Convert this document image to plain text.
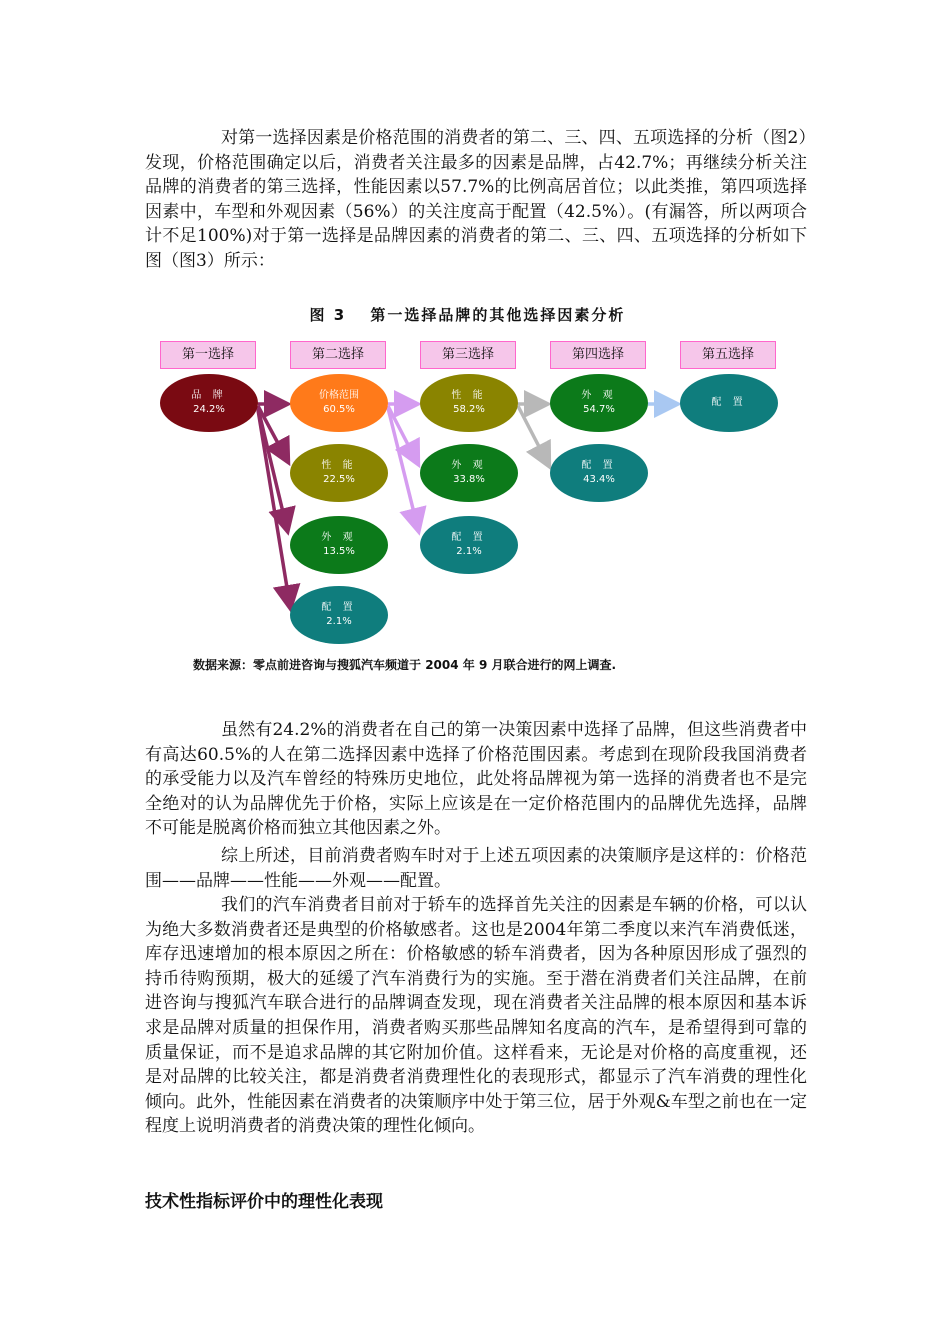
对第一选择因素是价格范围的消费者的第二、三、四、五项选择的分析（图2）发现，价格范围确定以后，消费者关注最多的因素是品牌，占42.7%；再继续分析关注品牌的消费者的第三选择，性能因素以57.7%的比例高居首位；以此类推，第四项选择因素中，车型和外观因素（56%）的关注度高于配置（42.5%）。(有漏答，所以两项合计不足100%)对于第一选择是品牌因素的消费者的第二、三、四、五项选择的分析如下图（图3）所示：

图 3　 第一选择品牌的其他选择因素分析
第一选择	第二选择	第三选择	第四选择	第五选择
品 牌
24.2%
价格范围
60.5%
性 能
22.5%
外 观
13.5%
配 置
2.1%
性 能
58.2%
外 观
33.8%
配 置
2.1%
外 观
54.7%
配 置
43.4%
配 置
数据来源：零点前进咨询与搜狐汽车频道于 2004 年 9 月联合进行的网上调查.

虽然有24.2%的消费者在自己的第一决策因素中选择了品牌，但这些消费者中有高达60.5%的人在第二选择因素中选择了价格范围因素。考虑到在现阶段我国消费者的承受能力以及汽车曾经的特殊历史地位，此处将品牌视为第一选择的消费者也不是完全绝对的认为品牌优先于价格，实际上应该是在一定价格范围内的品牌优先选择，品牌不可能是脱离价格而独立其他因素之外。

综上所述，目前消费者购车时对于上述五项因素的决策顺序是这样的：价格范围——品牌——性能——外观——配置。

我们的汽车消费者目前对于轿车的选择首先关注的因素是车辆的价格，可以认为绝大多数消费者还是典型的价格敏感者。这也是2004年第二季度以来汽车消费低迷，库存迅速增加的根本原因之所在：价格敏感的轿车消费者，因为各种原因形成了强烈的持币待购预期，极大的延缓了汽车消费行为的实施。至于潜在消费者们关注品牌，在前进咨询与搜狐汽车联合进行的品牌调查发现，现在消费者关注品牌的根本原因和基本诉求是品牌对质量的担保作用，消费者购买那些品牌知名度高的汽车，是希望得到可靠的质量保证，而不是追求品牌的其它附加价值。这样看来，无论是对价格的高度重视，还是对品牌的比较关注，都是消费者消费理性化的表现形式，都显示了汽车消费的理性化倾向。此外，性能因素在消费者的决策顺序中处于第三位，居于外观&车型之前也在一定程度上说明消费者的消费决策的理性化倾向。

技术性指标评价中的理性化表现
